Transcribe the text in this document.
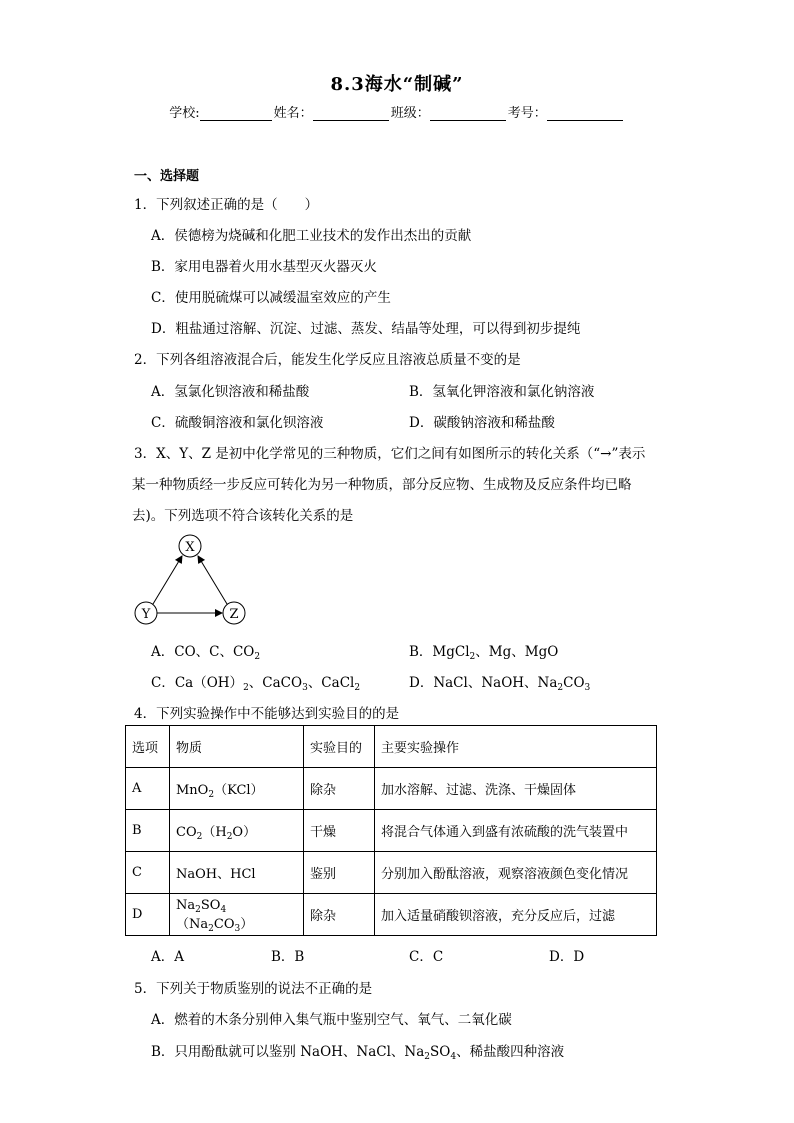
8.3海水“制碱”
学校:	姓名：	班级：	考号：
一、选择题
1．下列叙述正确的是（　　）
A．侯德榜为烧碱和化肥工业技术的发作出杰出的贡献
B．家用电器着火用水基型灭火器灭火
C．使用脱硫煤可以减缓温室效应的产生
D．粗盐通过溶解、沉淀、过滤、蒸发、结晶等处理，可以得到初步提纯
2．下列各组溶液混合后，能发生化学反应且溶液总质量不变的是
A．氢氯化钡溶液和稀盐酸	B．氢氧化钾溶液和氯化钠溶液
C．硫酸铜溶液和氯化钡溶液	D．碳酸钠溶液和稀盐酸
3．X、Y、Z 是初中化学常见的三种物质，它们之间有如图所示的转化关系（“→”表示
某一种物质经一步反应可转化为另一种物质，部分反应物、生成物及反应条件均已略
去)。下列选项不符合该转化关系的是
X
Y	Z
A．CO、C、$CO_2$	B．MgCl$_2$、Mg、MgO
C．$Ca(OH)_2$、CaCO$_3$、CaCl$_2$	D．NaCl、NaOH、$Na_2CO_3$
4．下列实验操作中不能够达到实验目的的是
选项	物质	实验目的	主要实验操作
A	MnO$_2$（KCl）	除杂	加水溶解、过滤、洗涤、干燥固体
B	$CO_2(H_2O)$	干燥	将混合气体通入到盛有浓硫酸的洗气装置中
C	NaOH、HCl	鉴别	分别加入酚酞溶液，观察溶液颜色变化情况
D	$Na_2SO_4(Na_2CO_3)$	除杂	加入适量硝酸钡溶液，充分反应后，过滤
A．A	B．B	C．C	D．D
5．下列关于物质鉴别的说法不正确的是
A．燃着的木条分别伸入集气瓶中鉴别空气、氧气、二氧化碳
B．只用酚酞就可以鉴别 NaOH、NaCl、$Na_2SO_4$、稀盐酸四种溶液
